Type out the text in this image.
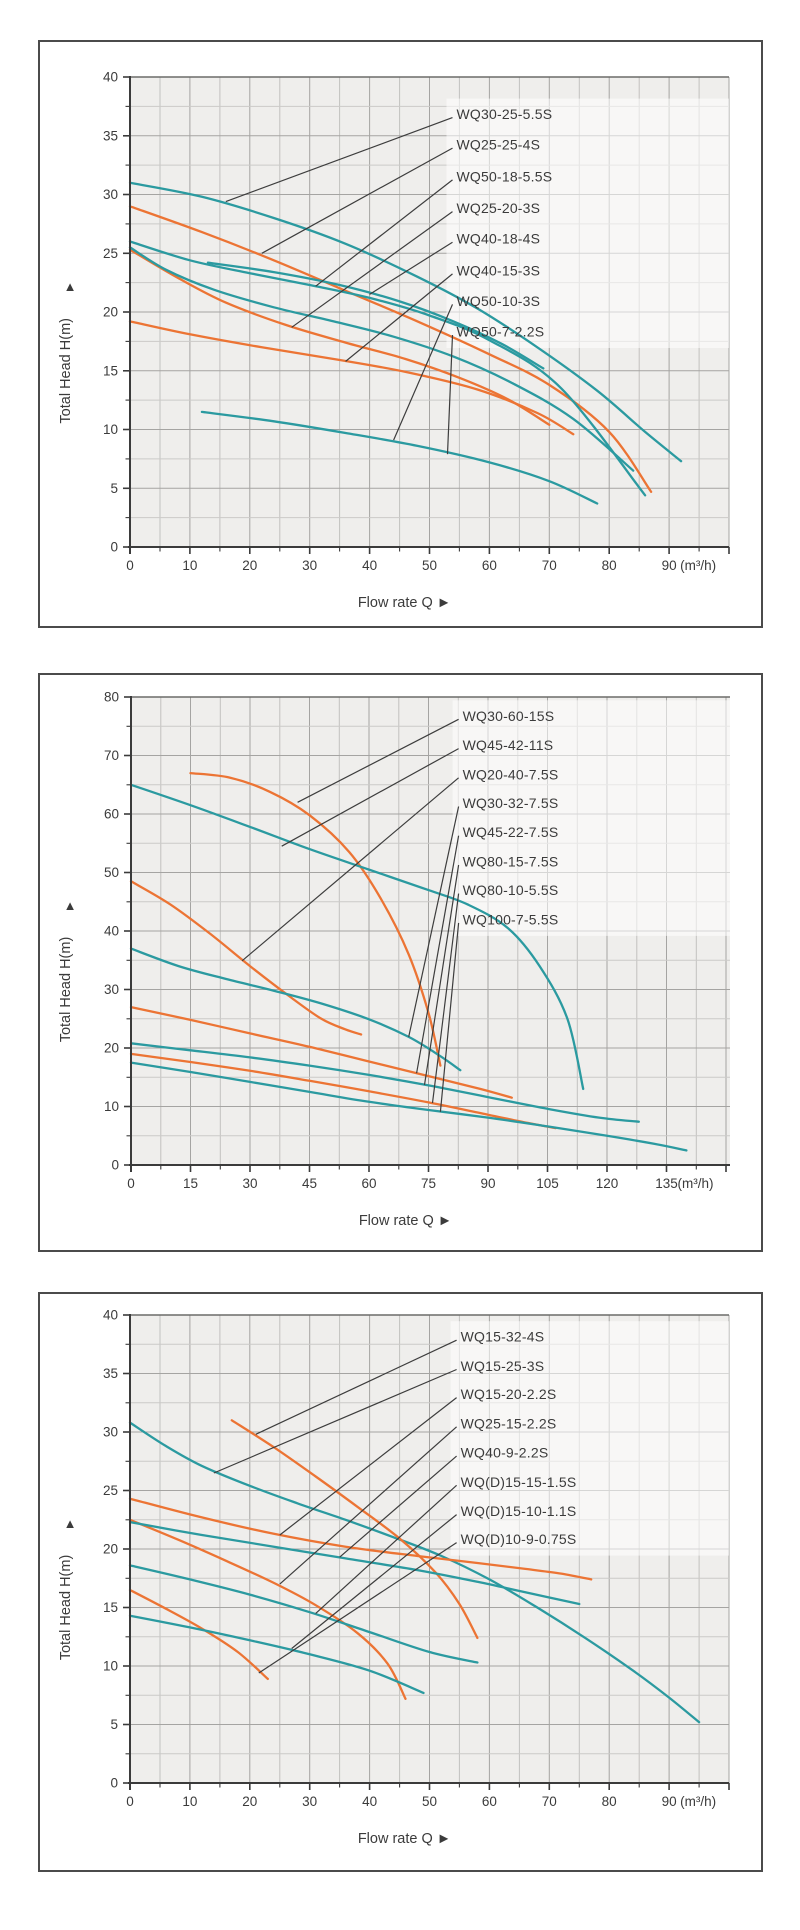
0
5
10
15
20
25
30
35
40
0	10	20	30	40	50	60	70	80	90 (m³/h)
WQ30-25-5.5S
WQ25-25-4S
WQ50-18-5.5S
WQ25-20-3S
WQ40-18-4S
WQ40-15-3S
WQ50-10-3S
WQ50-7-2.2S
Total Head H(m)
▲
Flow rate Q ►
0
10
20
30
40
50
60
70
80
0	15	30	45	60	75	90	105	120	135 (m³/h)
WQ30-60-15S
WQ45-42-11S
WQ20-40-7.5S
WQ30-32-7.5S
WQ45-22-7.5S
WQ80-15-7.5S
WQ80-10-5.5S
WQ100-7-5.5S
Total Head H(m)
▲
Flow rate Q ►
0
5
10
15
20
25
30
35
40
0	10	20	30	40	50	60	70	80	90 (m³/h)
WQ15-32-4S
WQ15-25-3S
WQ15-20-2.2S
WQ25-15-2.2S
WQ40-9-2.2S
WQ(D)15-15-1.5S
WQ(D)15-10-1.1S
WQ(D)10-9-0.75S
Total Head H(m)
▲
Flow rate Q ►
